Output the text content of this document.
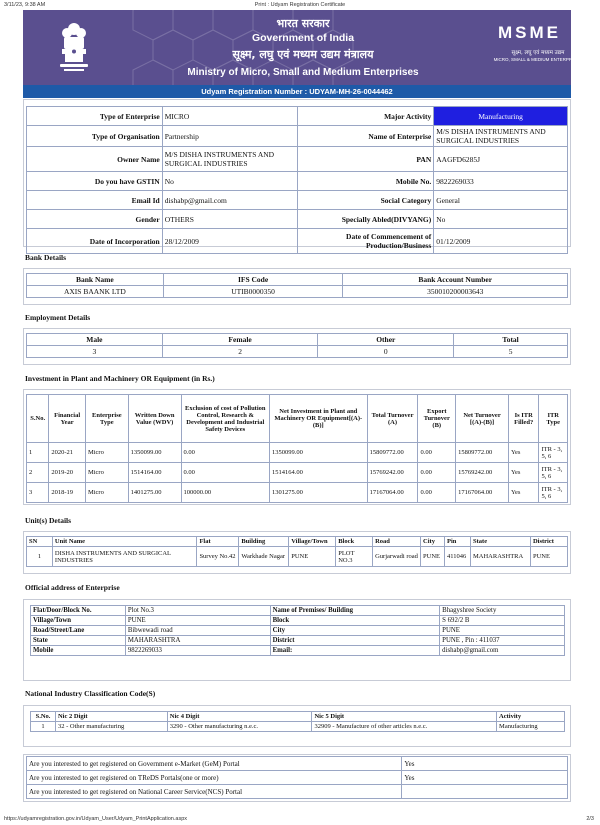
3/11/23, 9:38 AM	Print : Udyam Registration Certificate
भारत सरकार
Government of India
सूक्ष्म, लघु एवं मध्यम उद्यम मंत्रालय
Ministry of Micro, Small and Medium Enterprises
MSME
सूक्ष्म, लघु एवं मध्यम उद्यम
MICRO, SMALL & MEDIUM ENTERPRISES
Udyam Registration Number : UDYAM-MH-26-0044462
Type of Enterprise	MICRO	Major Activity	Manufacturing
Type of Organisation	Partnership	Name of Enterprise	M/S DISHA INSTRUMENTS AND SURGICAL INDUSTRIES
Owner Name	M/S DISHA INSTRUMENTS AND SURGICAL INDUSTRIES	PAN	AAGFD6285J
Do you have GSTIN	No	Mobile No.	9822269033
Email Id	dishabp@gmail.com	Social Category	General
Gender	OTHERS	Specially Abled(DIVYANG)	No
Date of Incorporation	28/12/2009	Date of Commencement of Production/Business	01/12/2009
Bank Details
Bank Name	IFS Code	Bank Account Number
AXIS BAANK LTD	UTIB0000350	350010200003643
Employment Details
Male	Female	Other	Total
3	2	0	5
Investment in Plant and Machinery OR Equipment (in Rs.)
S.No.	Financial Year	Enterprise Type	Written Down Value (WDV)	Exclusion of cost of Pollution Control, Research & Development and Industrial Safety Devices	Net Investment in Plant and Machinery OR Equipment[(A)-(B)]	Total Turnover (A)	Export Turnover (B)	Net Turnover [(A)-(B)]	Is ITR Filled?	ITR Type
1	2020-21	Micro	1350099.00	0.00	1350099.00	15809772.00	0.00	15809772.00	Yes	ITR - 3, 5, 6
2	2019-20	Micro	1514164.00	0.00	1514164.00	15769242.00	0.00	15769242.00	Yes	ITR - 3, 5, 6
3	2018-19	Micro	1401275.00	100000.00	1301275.00	17167064.00	0.00	17167064.00	Yes	ITR - 3, 5, 6
Unit(s) Details
SN	Unit Name	Flat	Building	Village/Town	Block	Road	City	Pin	State	District
1	DISHA INSTRUMENTS AND SURGICAL INDUSTRIES	Survey No.42	Warkhade Nagar	PUNE	PLOT NO.3	Gurjarwadi road	PUNE	411046	MAHARASHTRA	PUNE
Official address of Enterprise
Flat/Door/Block No.	Plot No.3	Name of Premises/ Building	Bhagyshree Society
Village/Town	PUNE	Block	S 692/2 B
Road/Street/Lane	Bibwewadi road	City	PUNE
State	MAHARASHTRA	District	PUNE , Pin : 411037
Mobile	9822269033	Email:	dishabp@gmail.com
National Industry Classification Code(S)
S.No.	Nic 2 Digit	Nic 4 Digit	Nic 5 Digit	Activity
1	32 - Other manufacturing	3290 - Other manufacturing n.e.c.	32909 - Manufacture of other articles n.e.c.	Manufacturing
Are you interested to get registered on Government e-Market (GeM) Portal	Yes
Are you interested to get registered on TReDS Portals(one or more)	Yes
Are you interested to get registered on National Career Service(NCS) Portal	
https://udyamregistration.gov.in/Udyam_User/Udyam_PrintApplication.aspx	2/3
